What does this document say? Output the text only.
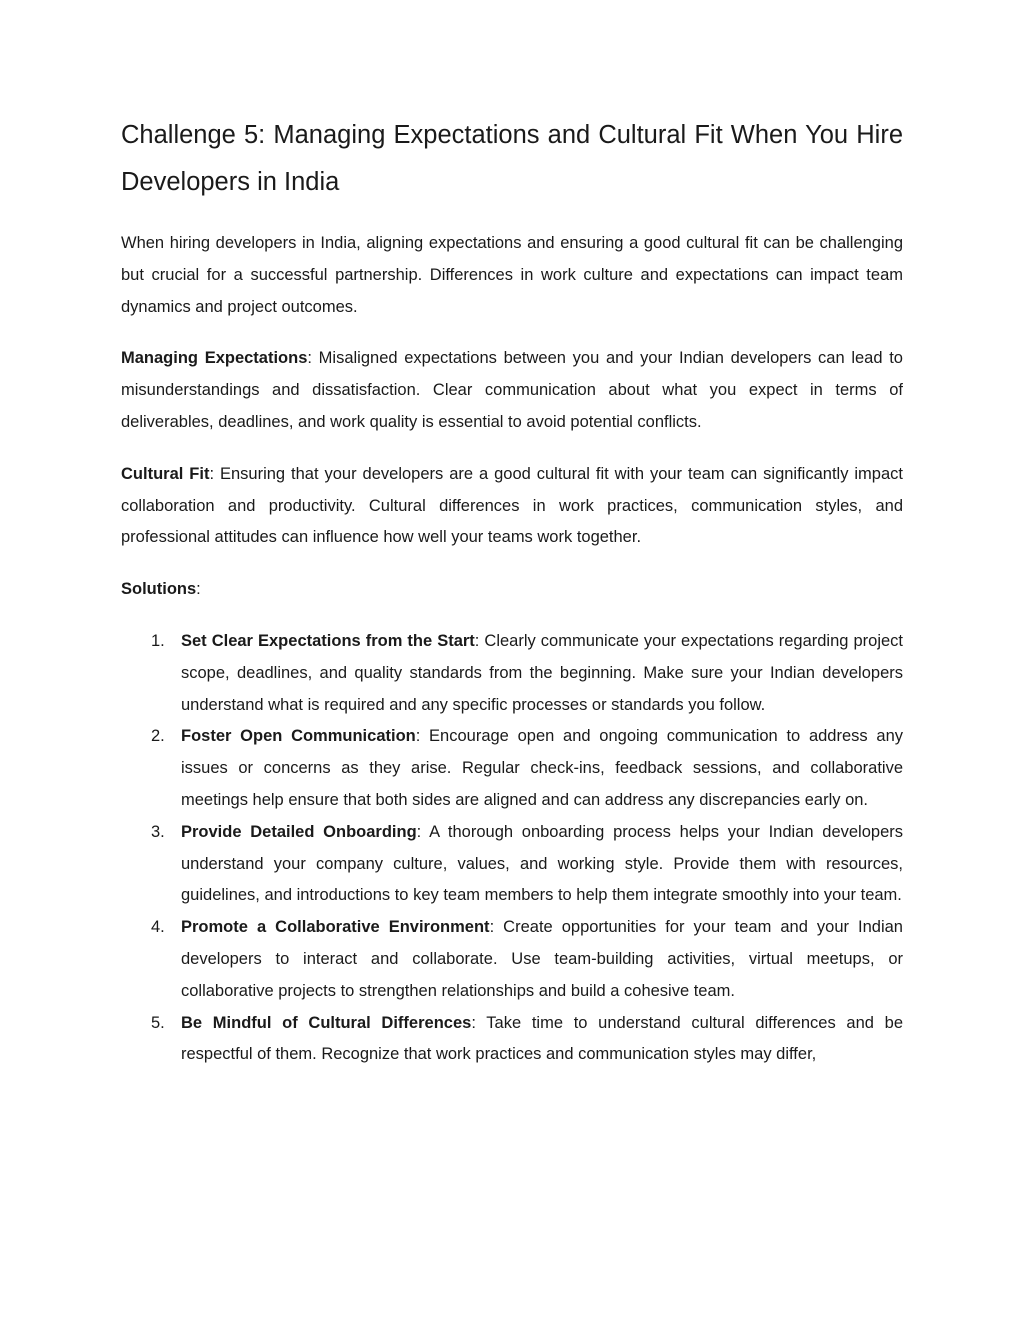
Challenge 5: Managing Expectations and Cultural Fit When You Hire Developers in India

When hiring developers in India, aligning expectations and ensuring a good cultural fit can be challenging but crucial for a successful partnership. Differences in work culture and expectations can impact team dynamics and project outcomes.

Managing Expectations: Misaligned expectations between you and your Indian developers can lead to misunderstandings and dissatisfaction. Clear communication about what you expect in terms of deliverables, deadlines, and work quality is essential to avoid potential conflicts.

Cultural Fit: Ensuring that your developers are a good cultural fit with your team can significantly impact collaboration and productivity. Cultural differences in work practices, communication styles, and professional attitudes can influence how well your teams work together.

Solutions:

1. Set Clear Expectations from the Start: Clearly communicate your expectations regarding project scope, deadlines, and quality standards from the beginning. Make sure your Indian developers understand what is required and any specific processes or standards you follow.
2. Foster Open Communication: Encourage open and ongoing communication to address any issues or concerns as they arise. Regular check-ins, feedback sessions, and collaborative meetings help ensure that both sides are aligned and can address any discrepancies early on.
3. Provide Detailed Onboarding: A thorough onboarding process helps your Indian developers understand your company culture, values, and working style. Provide them with resources, guidelines, and introductions to key team members to help them integrate smoothly into your team.
4. Promote a Collaborative Environment: Create opportunities for your team and your Indian developers to interact and collaborate. Use team-building activities, virtual meetups, or collaborative projects to strengthen relationships and build a cohesive team.
5. Be Mindful of Cultural Differences: Take time to understand cultural differences and be respectful of them. Recognize that work practices and communication styles may differ,
